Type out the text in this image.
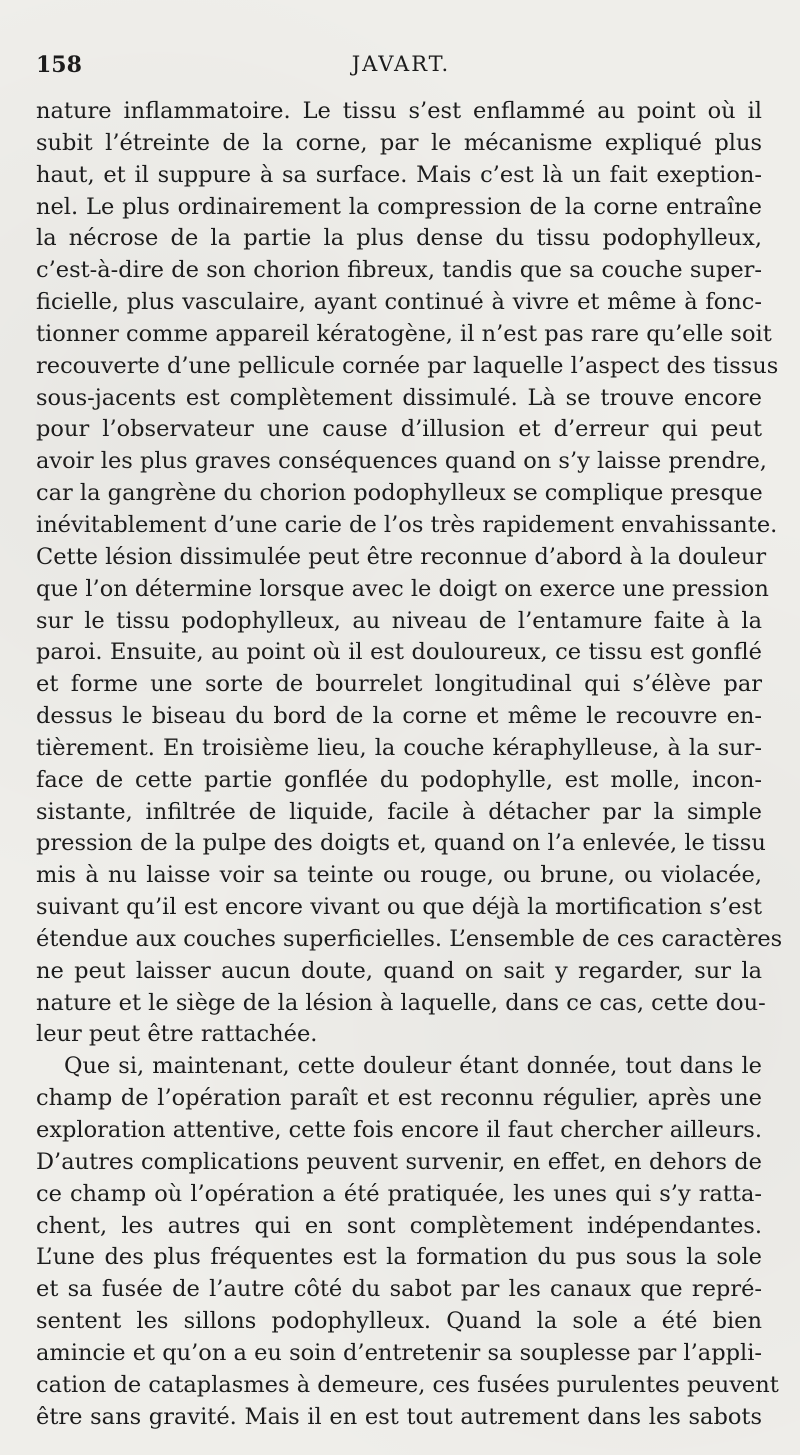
158	JAVART.
nature inflammatoire. Le tissu s’est enflammé au point où il
subit l’étreinte de la corne, par le mécanisme expliqué plus
haut, et il suppure à sa surface. Mais c’est là un fait exeption-
nel. Le plus ordinairement la compression de la corne entraîne
la nécrose de la partie la plus dense du tissu podophylleux,
c’est-à-dire de son chorion fibreux, tandis que sa couche super-
ficielle, plus vasculaire, ayant continué à vivre et même à fonc-
tionner comme appareil kératogène, il n’est pas rare qu’elle soit
recouverte d’une pellicule cornée par laquelle l’aspect des tissus
sous-jacents est complètement dissimulé. Là se trouve encore
pour l’observateur une cause d’illusion et d’erreur qui peut
avoir les plus graves conséquences quand on s’y laisse prendre,
car la gangrène du chorion podophylleux se complique presque
inévitablement d’une carie de l’os très rapidement envahissante.
Cette lésion dissimulée peut être reconnue d’abord à la douleur
que l’on détermine lorsque avec le doigt on exerce une pression
sur le tissu podophylleux, au niveau de l’entamure faite à la
paroi. Ensuite, au point où il est douloureux, ce tissu est gonflé
et forme une sorte de bourrelet longitudinal qui s’élève par
dessus le biseau du bord de la corne et même le recouvre en-
tièrement. En troisième lieu, la couche kéraphylleuse, à la sur-
face de cette partie gonflée du podophylle, est molle, incon-
sistante, infiltrée de liquide, facile à détacher par la simple
pression de la pulpe des doigts et, quand on l’a enlevée, le tissu
mis à nu laisse voir sa teinte ou rouge, ou brune, ou violacée,
suivant qu’il est encore vivant ou que déjà la mortification s’est
étendue aux couches superficielles. L’ensemble de ces caractères
ne peut laisser aucun doute, quand on sait y regarder, sur la
nature et le siège de la lésion à laquelle, dans ce cas, cette dou-
leur peut être rattachée.
Que si, maintenant, cette douleur étant donnée, tout dans le
champ de l’opération paraît et est reconnu régulier, après une
exploration attentive, cette fois encore il faut chercher ailleurs.
D’autres complications peuvent survenir, en effet, en dehors de
ce champ où l’opération a été pratiquée, les unes qui s’y ratta-
chent, les autres qui en sont complètement indépendantes.
L’une des plus fréquentes est la formation du pus sous la sole
et sa fusée de l’autre côté du sabot par les canaux que repré-
sentent les sillons podophylleux. Quand la sole a été bien
amincie et qu’on a eu soin d’entretenir sa souplesse par l’appli-
cation de cataplasmes à demeure, ces fusées purulentes peuvent
être sans gravité. Mais il en est tout autrement dans les sabots
